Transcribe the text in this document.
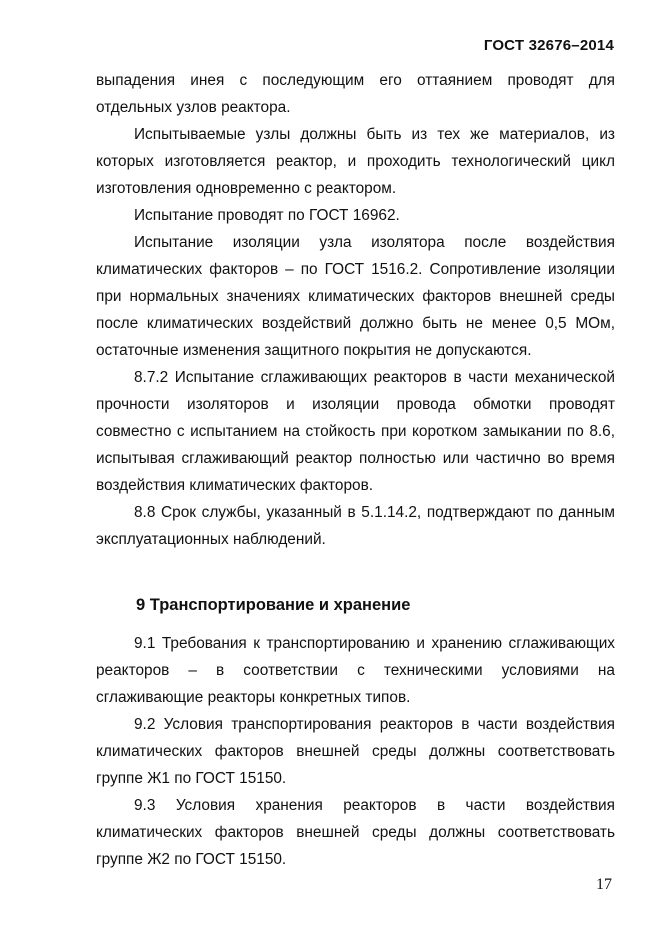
ГОСТ 32676–2014

выпадения инея с последующим его оттаянием проводят для отдельных узлов реактора.

Испытываемые узлы должны быть из тех же материалов, из которых изготовляется реактор, и проходить технологический цикл изготовления одновременно с реактором.

Испытание проводят по ГОСТ 16962.

Испытание изоляции узла изолятора после воздействия климатических факторов – по ГОСТ 1516.2. Сопротивление изоляции при нормальных значениях климатических факторов внешней среды после климатических воздействий должно быть не менее 0,5 МОм, остаточные изменения защитного покрытия не допускаются.

8.7.2 Испытание сглаживающих реакторов в части механической прочности изоляторов и изоляции провода обмотки проводят совместно с испытанием на стойкость при коротком замыкании по 8.6, испытывая сглаживающий реактор полностью или частично во время воздействия климатических факторов.

8.8 Срок службы, указанный в 5.1.14.2, подтверждают по данным эксплуатационных наблюдений.

9 Транспортирование и хранение

9.1 Требования к транспортированию и хранению сглаживающих реакторов – в соответствии с техническими условиями на сглаживающие реакторы конкретных типов.

9.2 Условия транспортирования реакторов в части воздействия климатических факторов внешней среды должны соответствовать группе Ж1 по ГОСТ 15150.

9.3 Условия хранения реакторов в части воздействия климатических факторов внешней среды должны соответствовать группе Ж2 по ГОСТ 15150.

17
